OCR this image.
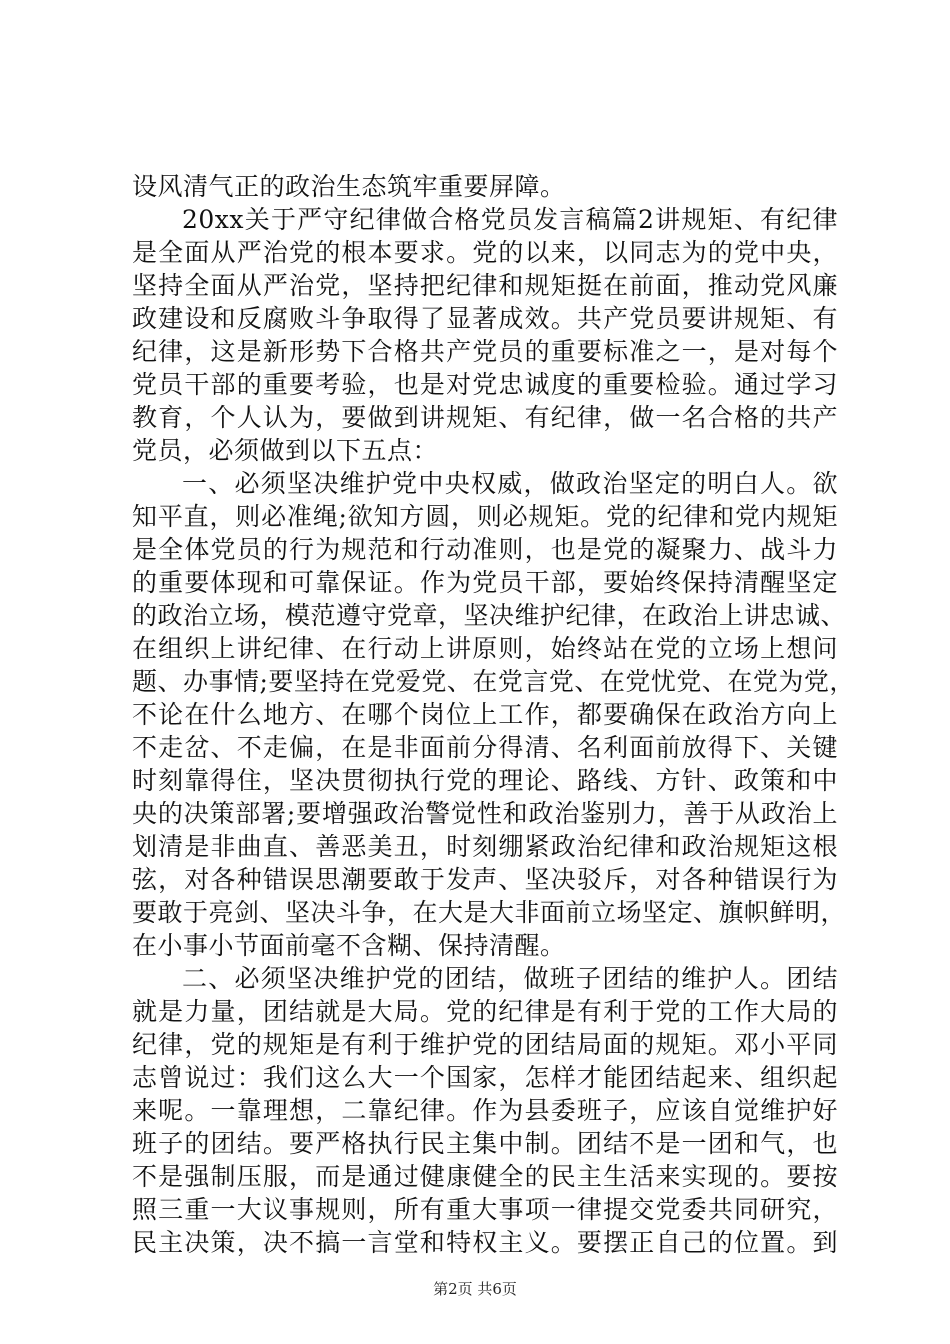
设风清气正的政治生态筑牢重要屏障。
20xx关于严守纪律做合格党员发言稿篇2讲规矩、有纪律
是全面从严治党的根本要求。党的以来，以同志为的党中央，
坚持全面从严治党，坚持把纪律和规矩挺在前面，推动党风廉
政建设和反腐败斗争取得了显著成效。共产党员要讲规矩、有
纪律，这是新形势下合格共产党员的重要标准之一，是对每个
党员干部的重要考验，也是对党忠诚度的重要检验。通过学习
教育，个人认为，要做到讲规矩、有纪律，做一名合格的共产
党员，必须做到以下五点：
一、必须坚决维护党中央权威，做政治坚定的明白人。欲
知平直，则必准绳;欲知方圆，则必规矩。党的纪律和党内规矩
是全体党员的行为规范和行动准则，也是党的凝聚力、战斗力
的重要体现和可靠保证。作为党员干部，要始终保持清醒坚定
的政治立场，模范遵守党章，坚决维护纪律，在政治上讲忠诚、
在组织上讲纪律、在行动上讲原则，始终站在党的立场上想问
题、办事情;要坚持在党爱党、在党言党、在党忧党、在党为党，
不论在什么地方、在哪个岗位上工作，都要确保在政治方向上
不走岔、不走偏，在是非面前分得清、名利面前放得下、关键
时刻靠得住，坚决贯彻执行党的理论、路线、方针、政策和中
央的决策部署;要增强政治警觉性和政治鉴别力，善于从政治上
划清是非曲直、善恶美丑，时刻绷紧政治纪律和政治规矩这根
弦，对各种错误思潮要敢于发声、坚决驳斥，对各种错误行为
要敢于亮剑、坚决斗争，在大是大非面前立场坚定、旗帜鲜明，
在小事小节面前毫不含糊、保持清醒。
二、必须坚决维护党的团结，做班子团结的维护人。团结
就是力量，团结就是大局。党的纪律是有利于党的工作大局的
纪律，党的规矩是有利于维护党的团结局面的规矩。邓小平同
志曾说过：我们这么大一个国家，怎样才能团结起来、组织起
来呢。一靠理想，二靠纪律。作为县委班子，应该自觉维护好
班子的团结。要严格执行民主集中制。团结不是一团和气，也
不是强制压服，而是通过健康健全的民主生活来实现的。要按
照三重一大议事规则，所有重大事项一律提交党委共同研究，
民主决策，决不搞一言堂和特权主义。要摆正自己的位置。到
第2页 共6页
